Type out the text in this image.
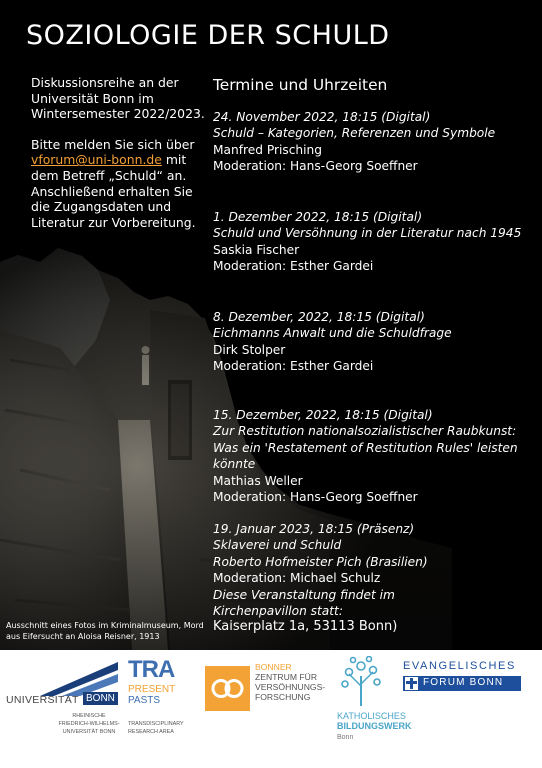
SOZIOLOGIE DER SCHULD

Diskussionsreihe an der Universität Bonn im Wintersemester 2022/2023.

Bitte melden Sie sich über
vforum@uni-bonn.de mit dem Betreff „Schuld“ an. Anschließend erhalten Sie die Zugangsdaten und Literatur zur Vorbereitung.

Termine und Uhrzeiten
24. November 2022, 18:15 (Digital)
Schuld – Kategorien, Referenzen und Symbole
Manfred Prisching
Moderation: Hans-Georg Soeffner
1. Dezember 2022, 18:15 (Digital)
Schuld und Versöhnung in der Literatur nach 1945
Saskia Fischer
Moderation: Esther Gardei
8. Dezember, 2022, 18:15 (Digital)
Eichmanns Anwalt und die Schuldfrage
Dirk Stolper
Moderation: Esther Gardei
15. Dezember, 2022, 18:15 (Digital)
Zur Restitution nationalsozialistischer Raubkunst: Was ein 'Restatement of Restitution Rules' leisten könnte
Mathias Weller
Moderation: Hans-Georg Soeffner
19. Januar 2023, 18:15 (Präsenz)
Sklaverei und Schuld
Roberto Hofmeister Pich (Brasilien)
Moderation: Michael Schulz
Diese Veranstaltung findet im Kirchenpavillon statt:
Kaiserplatz 1a, 53113 Bonn)
Ausschnitt eines Fotos im Kriminalmuseum, Mord aus Eifersucht an Aloisa Reisner, 1913
UNIVERSITÄT BONN
RHEINISCHE FRIEDRICH-WILHELMS- UNIVERSITÄT BONN
TRA
PRESENT
PASTS
TRANSDISCIPLINARY
RESEARCH AREA
BONNER
ZENTRUM FÜR
VERSÖHNUNGS-
FORSCHUNG
KATHOLISCHES
BILDUNGSWERK
Bonn
EVANGELISCHES
FORUM BONN
